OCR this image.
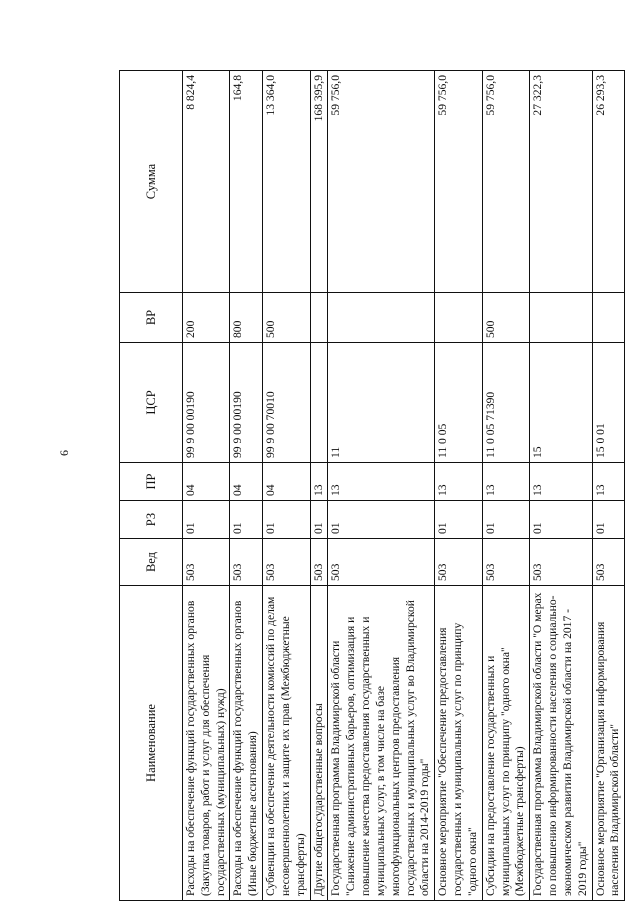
6
Наименование	Вед	РЗ	ПР	ЦСР	ВР	Сумма
Расходы на обеспечение функций государственных органов (Закупка товаров, работ и услуг для обеспечения государственных (муниципальных) нужд)	503	01	04	99 9 00 00190	200	8 824,4
Расходы на обеспечение функций государственных органов (Иные бюджетные ассигнования)	503	01	04	99 9 00 00190	800	164,8
Субвенции на обеспечение деятельности комиссий по делам несовершеннолетних и защите их прав (Межбюджетные трансферты)	503	01	04	99 9 00 70010	500	13 364,0
Другие общегосударственные вопросы	503	01	13			168 395,9
Государственная программа Владимирской области "Снижение административных барьеров, оптимизация и повышение качества предоставления государственных и муниципальных услуг, в том числе на базе многофункциональных центров предоставления государственных и муниципальных услуг во Владимирской области на 2014-2019 годы"	503	01	13	11		59 756,0
Основное мероприятие "Обеспечение предоставления государственных и муниципальных услуг по принципу "одного окна"	503	01	13	11 0 05		59 756,0
Субсидии на предоставление государственных и муниципальных услуг по принципу "одного окна" (Межбюджетные трансферты)	503	01	13	11 0 05 71390	500	59 756,0
Государственная программа Владимирской области "О мерах по повышению информированности населения о социально-экономическом развитии Владимирской области на 2017 - 2019 годы"	503	01	13	15		27 322,3
Основное мероприятие "Организация информирования населения Владимирской области"	503	01	13	15 0 01		26 293,3
